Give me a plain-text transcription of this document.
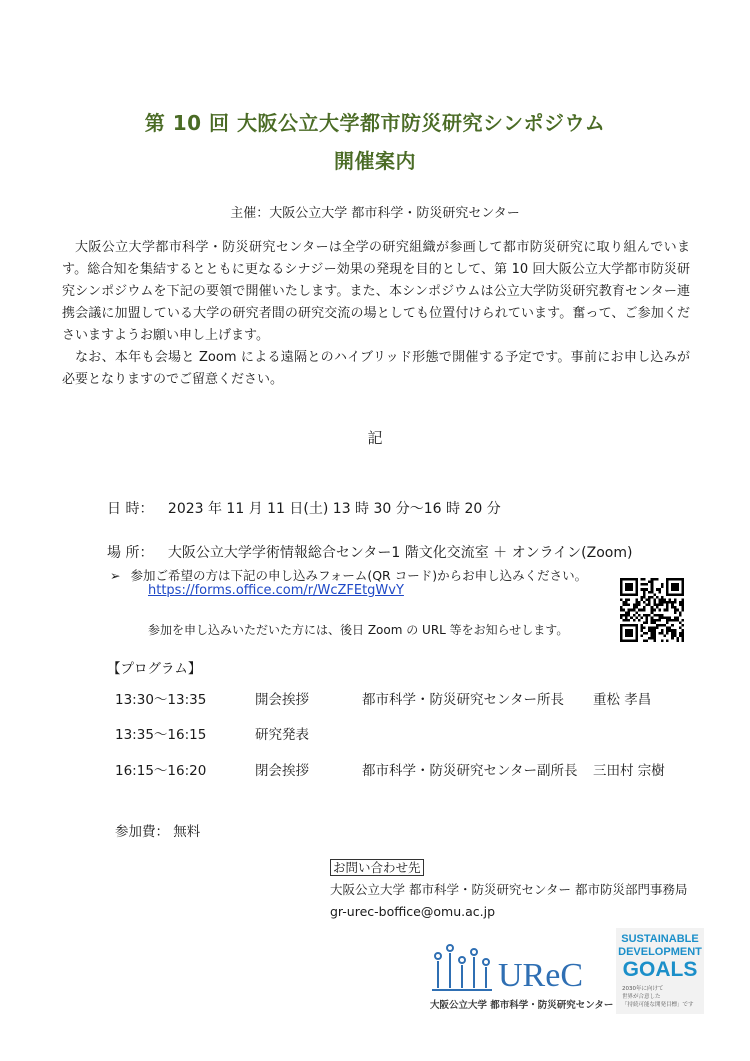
第 10 回 大阪公立大学都市防災研究シンポジウム
開催案内
主催：大阪公立大学 都市科学・防災研究センター

大阪公立大学都市科学・防災研究センターは全学の研究組織が参画して都市防災研究に取り組んでいます。総合知を集結するとともに更なるシナジー効果の発現を目的として、第 10 回大阪公立大学都市防災研究シンポジウムを下記の要領で開催いたします。また、本シンポジウムは公立大学防災研究教育センター連携会議に加盟している大学の研究者間の研究交流の場としても位置付けられています。奮って、ご参加くださいますようお願い申し上げます。

なお、本年も会場と Zoom による遠隔とのハイブリッド形態で開催する予定です。事前にお申し込みが必要となりますのでご留意ください。

記
日 時： 2023 年 11 月 11 日(土) 13 時 30 分～16 時 20 分
場 所： 大阪公立大学学術情報総合センター1 階文化交流室 ＋ オンライン(Zoom)
➢ 参加ご希望の方は下記の申し込みフォーム(QR コード)からお申し込みください。
https://forms.office.com/r/WcZFEtgWvY
参加を申し込みいただいた方には、後日 Zoom の URL 等をお知らせします。
【プログラム】
13:30～13:35	開会挨拶	都市科学・防災研究センター所長 重松 孝昌
13:35～16:15	研究発表
16:15～16:20	閉会挨拶	都市科学・防災研究センター副所長 三田村 宗樹
参加費： 無料
お問い合わせ先
大阪公立大学 都市科学・防災研究センター 都市防災部門事務局
gr-urec-boffice@omu.ac.jp
UReC
大阪公立大学 都市科学・防災研究センター
SUSTAINABLE
DEVELOPMENT
GOALS
2030年に向けて
世界が合意した
「持続可能な開発目標」です
